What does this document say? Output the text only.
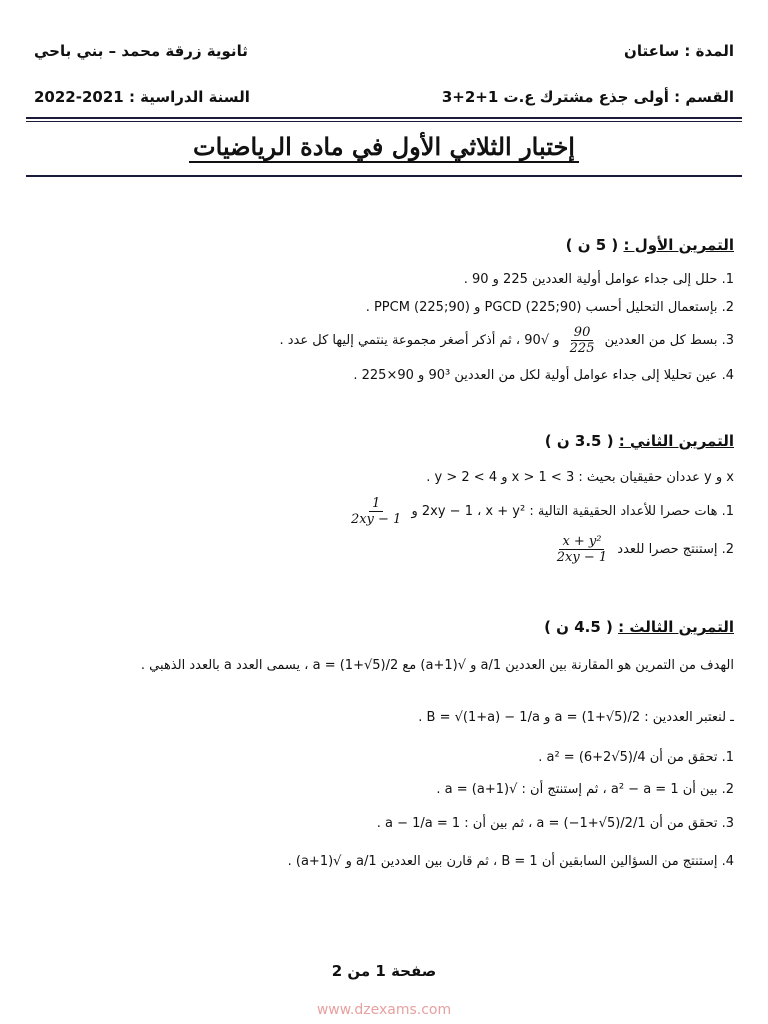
المدة : ساعتان
ثانوية زرقة محمد – بني باحي
القسم : أولى جذع مشترك ع.ت 1+2+3
السنة الدراسية : 2021-2022
إختبار الثلاثي الأول في مادة الرياضيات
التمرين الأول : ( 5 ن )
1. حلل إلى جداء عوامل أولية العددين 225 و 90 .
2. بإستعمال التحليل أحسب PGCD (225;90) و PPCM (225;90) .
3. بسط كل من العددين
$\frac{90}{225}$
و √90 ، ثم أذكر أصغر مجموعة ينتمي إليها كل عدد .
4. عين تحليلا إلى جداء عوامل أولية لكل من العددين 90³ و 90×225 .
التمرين الثاني : ( 3.5 ن )
x و y عددان حقيقيان بحيث : 3 > x > 1 و 4 > y > 2 .
1. هات حصرا للأعداد الحقيقية التالية : 2xy − 1 ، x + y² و
$\frac{1}{2xy - 1}$
2. إستنتج حصرا للعدد
$\frac{\text{x + y²}}{2xy - 1}$
التمرين الثالث : ( 4.5 ن )
الهدف من التمرين هو المقارنة بين العددين 1/a و √(1+a) مع a = (1+√5)/2 ، يسمى العدد a بالعدد الذهبي .
ـ لنعتبر العددين : a = (1+√5)/2 و B = √(1+a) − 1/a .
1. تحقق من أن a² = (6+2√5)/4 .
2. بين أن a² − a = 1 ، ثم إستنتج أن : √(1+a) = a .
3. تحقق من أن 1/a = (−1+√5)/2 ، ثم بين أن : a − 1/a = 1 .
4. إستنتج من السؤالين السابقين أن B = 1 ، ثم قارن بين العددين 1/a و √(1+a) .
صفحة 1 من 2
www.dzexams.com
